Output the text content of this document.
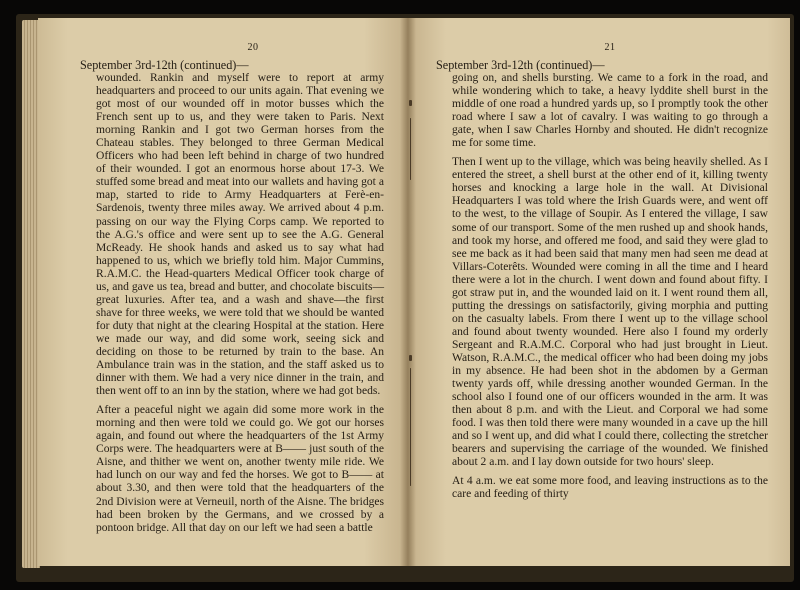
20
September 3rd-12th (continued)—

wounded. Rankin and myself were to report at army headquarters and proceed to our units again. That evening we got most of our wounded off in motor busses which the French sent up to us, and they were taken to Paris. Next morning Rankin and I got two German horses from the Chateau stables. They belonged to three German Medical Officers who had been left behind in charge of two hundred of their wounded. I got an enormous horse about 17-3. We stuffed some bread and meat into our wallets and having got a map, started to ride to Army Headquarters at Ferè-en-Sardenois, twenty three miles away. We arrived about 4 p.m. passing on our way the Flying Corps camp. We reported to the A.G.'s office and were sent up to see the A.G. General McReady. He shook hands and asked us to say what had happened to us, which we briefly told him. Major Cummins, R.A.M.C. the Head-quarters Medical Officer took charge of us, and gave us tea, bread and butter, and chocolate biscuits—great luxuries. After tea, and a wash and shave—the first shave for three weeks, we were told that we should be wanted for duty that night at the clearing Hospital at the station. Here we made our way, and did some work, seeing sick and deciding on those to be returned by train to the base. An Ambulance train was in the station, and the staff asked us to dinner with them. We had a very nice dinner in the train, and then went off to an inn by the station, where we had got beds.

After a peaceful night we again did some more work in the morning and then were told we could go. We got our horses again, and found out where the headquarters of the 1st Army Corps were. The headquarters were at B—— just south of the Aisne, and thither we went on, another twenty mile ride. We had lunch on our way and fed the horses. We got to B—— at about 3.30, and then were told that the headquarters of the 2nd Division were at Verneuil, north of the Aisne. The bridges had been broken by the Germans, and we crossed by a pontoon bridge. All that day on our left we had seen a battle

21
September 3rd-12th (continued)—

going on, and shells bursting. We came to a fork in the road, and while wondering which to take, a heavy lyddite shell burst in the middle of one road a hundred yards up, so I promptly took the other road where I saw a lot of cavalry. I was waiting to go through a gate, when I saw Charles Hornby and shouted. He didn't recognize me for some time.

Then I went up to the village, which was being heavily shelled. As I entered the street, a shell burst at the other end of it, killing twenty horses and knocking a large hole in the wall. At Divisional Headquarters I was told where the Irish Guards were, and went off to the west, to the village of Soupir. As I entered the village, I saw some of our transport. Some of the men rushed up and shook hands, and took my horse, and offered me food, and said they were glad to see me back as it had been said that many men had seen me dead at Villars-Coterêts. Wounded were coming in all the time and I heard there were a lot in the church. I went down and found about fifty. I got straw put in, and the wounded laid on it. I went round them all, putting the dressings on satisfactorily, giving morphia and putting on the casualty labels. From there I went up to the village school and found about twenty wounded. Here also I found my orderly Sergeant and R.A.M.C. Corporal who had just brought in Lieut. Watson, R.A.M.C., the medical officer who had been doing my jobs in my absence. He had been shot in the abdomen by a German twenty yards off, while dressing another wounded German. In the school also I found one of our officers wounded in the arm. It was then about 8 p.m. and with the Lieut. and Corporal we had some food. I was then told there were many wounded in a cave up the hill and so I went up, and did what I could there, collecting the stretcher bearers and supervising the carriage of the wounded. We finished about 2 a.m. and I lay down outside for two hours' sleep.

At 4 a.m. we eat some more food, and leaving instructions as to the care and feeding of thirty
